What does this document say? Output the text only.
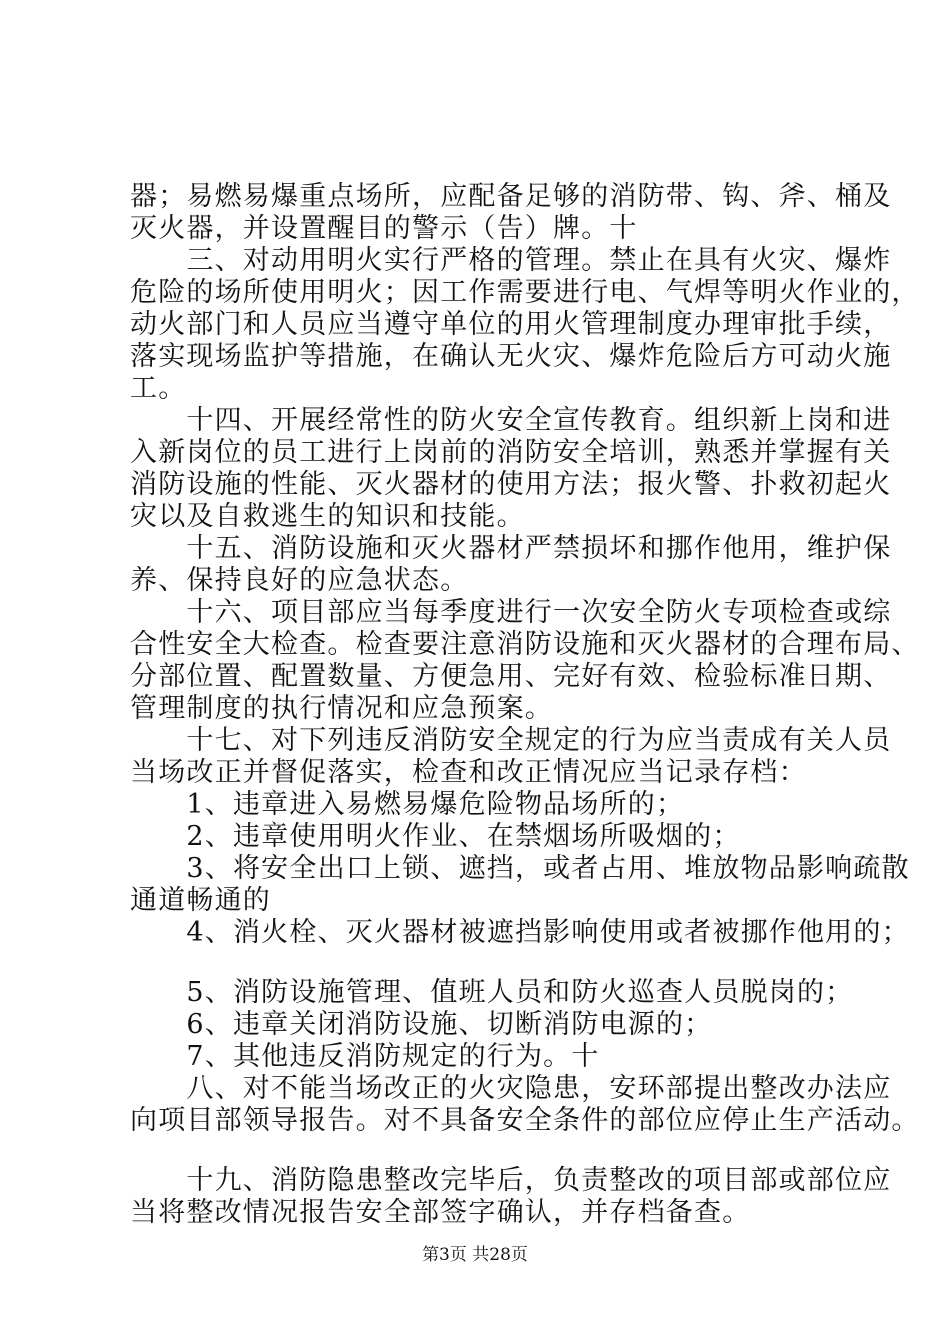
器；易燃易爆重点场所，应配备足够的消防带、钩、斧、桶及
灭火器，并设置醒目的警示（告）牌。十
　　三、对动用明火实行严格的管理。禁止在具有火灾、爆炸
危险的场所使用明火；因工作需要进行电、气焊等明火作业的，
动火部门和人员应当遵守单位的用火管理制度办理审批手续，
落实现场监护等措施，在确认无火灾、爆炸危险后方可动火施
工。
　　十四、开展经常性的防火安全宣传教育。组织新上岗和进
入新岗位的员工进行上岗前的消防安全培训，熟悉并掌握有关
消防设施的性能、灭火器材的使用方法；报火警、扑救初起火
灾以及自救逃生的知识和技能。
　　十五、消防设施和灭火器材严禁损坏和挪作他用，维护保
养、保持良好的应急状态。
　　十六、项目部应当每季度进行一次安全防火专项检查或综
合性安全大检查。检查要注意消防设施和灭火器材的合理布局、
分部位置、配置数量、方便急用、完好有效、检验标准日期、
管理制度的执行情况和应急预案。
　　十七、对下列违反消防安全规定的行为应当责成有关人员
当场改正并督促落实，检查和改正情况应当记录存档：
　　1、违章进入易燃易爆危险物品场所的；
　　2、违章使用明火作业、在禁烟场所吸烟的；
　　3、将安全出口上锁、遮挡，或者占用、堆放物品影响疏散
通道畅通的
　　4、消火栓、灭火器材被遮挡影响使用或者被挪作他用的；
　　5、消防设施管理、值班人员和防火巡查人员脱岗的；
　　6、违章关闭消防设施、切断消防电源的；
　　7、其他违反消防规定的行为。十
　　八、对不能当场改正的火灾隐患，安环部提出整改办法应
向项目部领导报告。对不具备安全条件的部位应停止生产活动。
　　十九、消防隐患整改完毕后，负责整改的项目部或部位应
当将整改情况报告安全部签字确认，并存档备查。
第3页 共28页
